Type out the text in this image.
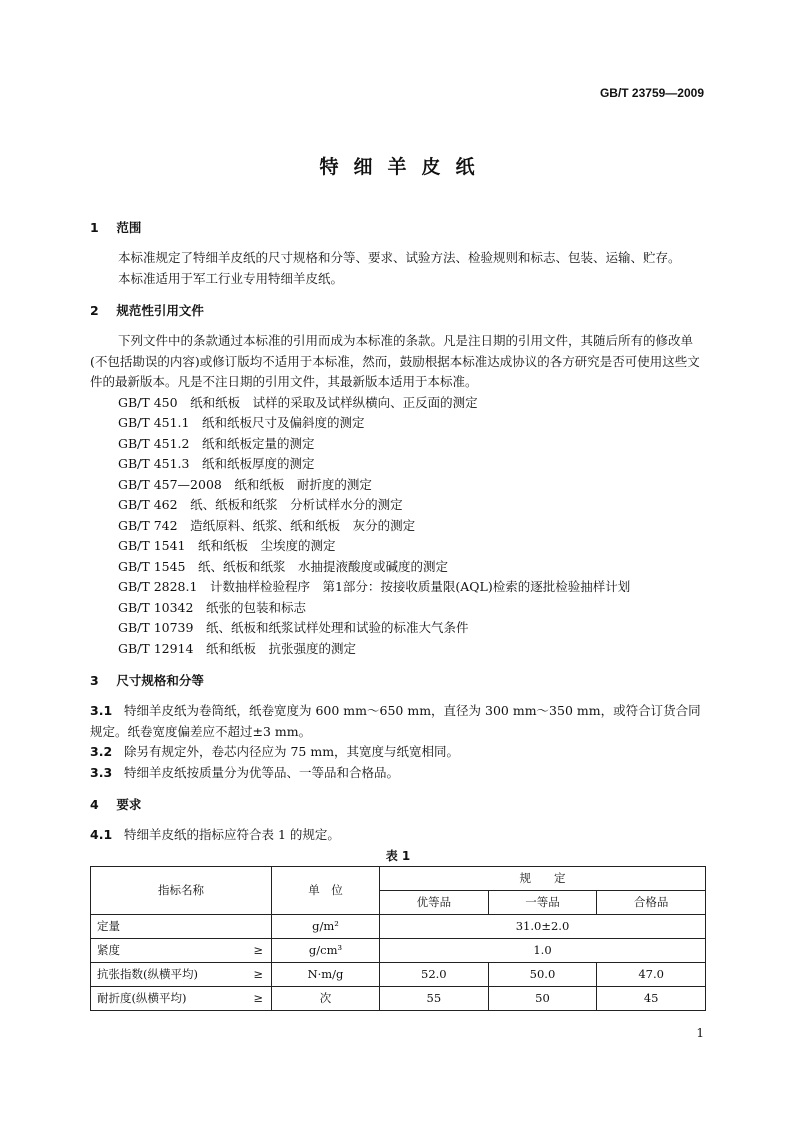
GB/T 23759—2009
特细羊皮纸
1 范围
本标准规定了特细羊皮纸的尺寸规格和分等、要求、试验方法、检验规则和标志、包装、运输、贮存。
本标准适用于军工行业专用特细羊皮纸。
2 规范性引用文件
下列文件中的条款通过本标准的引用而成为本标准的条款。凡是注日期的引用文件，其随后所有的修改单(不包括勘误的内容)或修订版均不适用于本标准，然而，鼓励根据本标准达成协议的各方研究是否可使用这些文件的最新版本。凡是不注日期的引用文件，其最新版本适用于本标准。
GB/T 450　 纸和纸板　试样的采取及试样纵横向、正反面的测定
GB/T 451.1　 纸和纸板尺寸及偏斜度的测定
GB/T 451.2　 纸和纸板定量的测定
GB/T 451.3　 纸和纸板厚度的测定
GB/T 457—2008　 纸和纸板　耐折度的测定
GB/T 462　 纸、纸板和纸浆　分析试样水分的测定
GB/T 742　 造纸原料、纸浆、纸和纸板　灰分的测定
GB/T 1541　 纸和纸板　尘埃度的测定
GB/T 1545　 纸、纸板和纸浆　水抽提液酸度或碱度的测定
GB/T 2828.1　 计数抽样检验程序　第1部分：按接收质量限(AQL)检索的逐批检验抽样计划
GB/T 10342　 纸张的包装和标志
GB/T 10739　 纸、纸板和纸浆试样处理和试验的标准大气条件
GB/T 12914　 纸和纸板　抗张强度的测定
3 尺寸规格和分等
3.1 特细羊皮纸为卷筒纸，纸卷宽度为 600 mm～650 mm，直径为 300 mm～350 mm，或符合订货合同规定。纸卷宽度偏差应不超过±3 mm。
3.2 除另有规定外，卷芯内径应为 75 mm，其宽度与纸宽相同。
3.3 特细羊皮纸按质量分为优等品、一等品和合格品。
4 要求
4.1 特细羊皮纸的指标应符合表 1 的规定。
表 1
指标名称	单　位	规　　定		
		优等品	一等品	合格品
定量	g/m²	31.0±2.0		
紧度 ≥	g/cm³	1.0		
抗张指数(纵横平均) ≥	N·m/g	52.0	50.0	47.0
耐折度(纵横平均) ≥	次	55	50	45
1
